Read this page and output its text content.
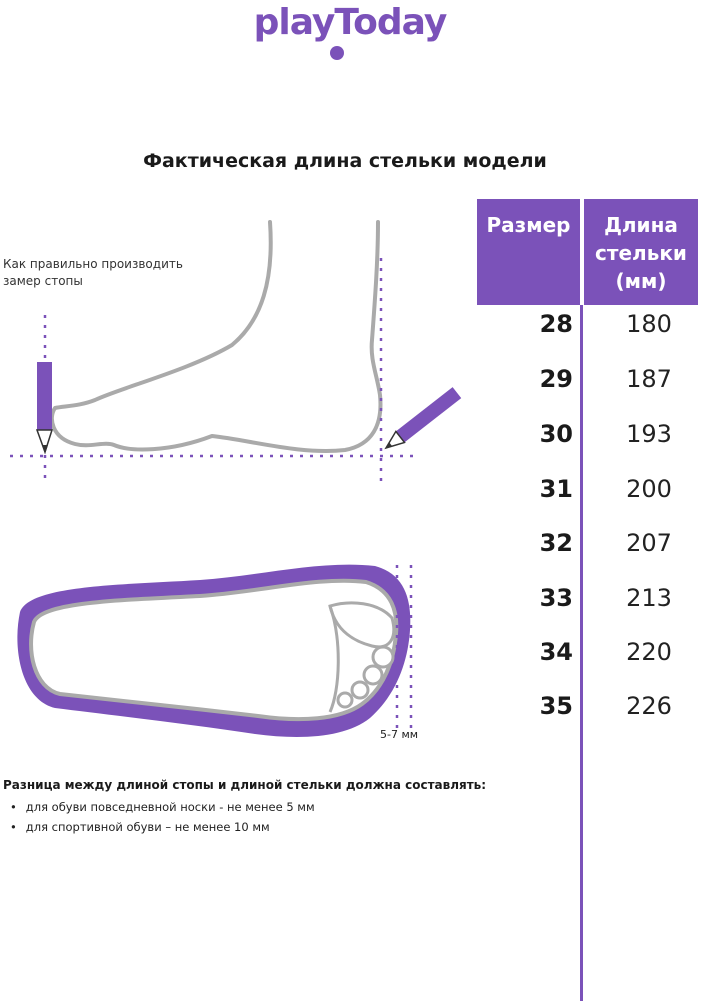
playToday
Фактическая длина стельки модели
Как правильно производить замер стопы
Размер	Длина стельки (мм)
28	180
29	187
30	193
31	200
32	207
33	213
34	220
35	226
5-7 мм
Разница между длиной стопы и длиной стельки должна составлять:
• для обуви повседневной носки - не менее 5 мм
• для спортивной обуви – не менее 10 мм
